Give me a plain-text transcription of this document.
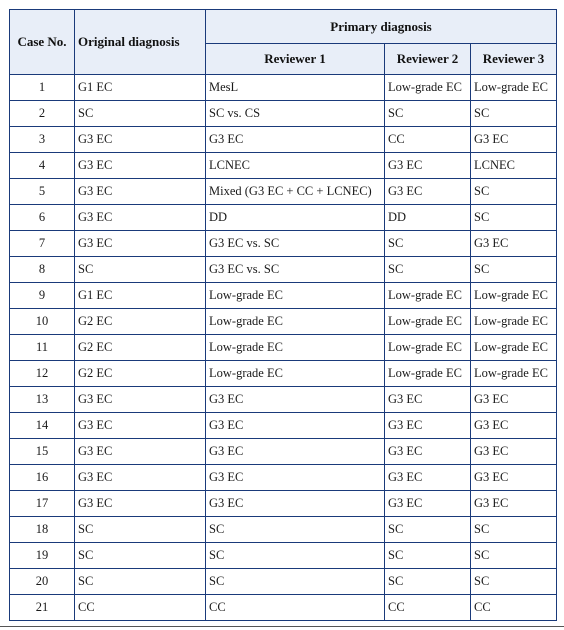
Case No.	Original diagnosis	Primary diagnosis		
		Reviewer 1	Reviewer 2	Reviewer 3
1	G1 EC	MesL	Low-grade EC	Low-grade EC
2	SC	SC vs. CS	SC	SC
3	G3 EC	G3 EC	CC	G3 EC
4	G3 EC	LCNEC	G3 EC	LCNEC
5	G3 EC	Mixed (G3 EC + CC + LCNEC)	G3 EC	SC
6	G3 EC	DD	DD	SC
7	G3 EC	G3 EC vs. SC	SC	G3 EC
8	SC	G3 EC vs. SC	SC	SC
9	G1 EC	Low-grade EC	Low-grade EC	Low-grade EC
10	G2 EC	Low-grade EC	Low-grade EC	Low-grade EC
11	G2 EC	Low-grade EC	Low-grade EC	Low-grade EC
12	G2 EC	Low-grade EC	Low-grade EC	Low-grade EC
13	G3 EC	G3 EC	G3 EC	G3 EC
14	G3 EC	G3 EC	G3 EC	G3 EC
15	G3 EC	G3 EC	G3 EC	G3 EC
16	G3 EC	G3 EC	G3 EC	G3 EC
17	G3 EC	G3 EC	G3 EC	G3 EC
18	SC	SC	SC	SC
19	SC	SC	SC	SC
20	SC	SC	SC	SC
21	CC	CC	CC	CC
